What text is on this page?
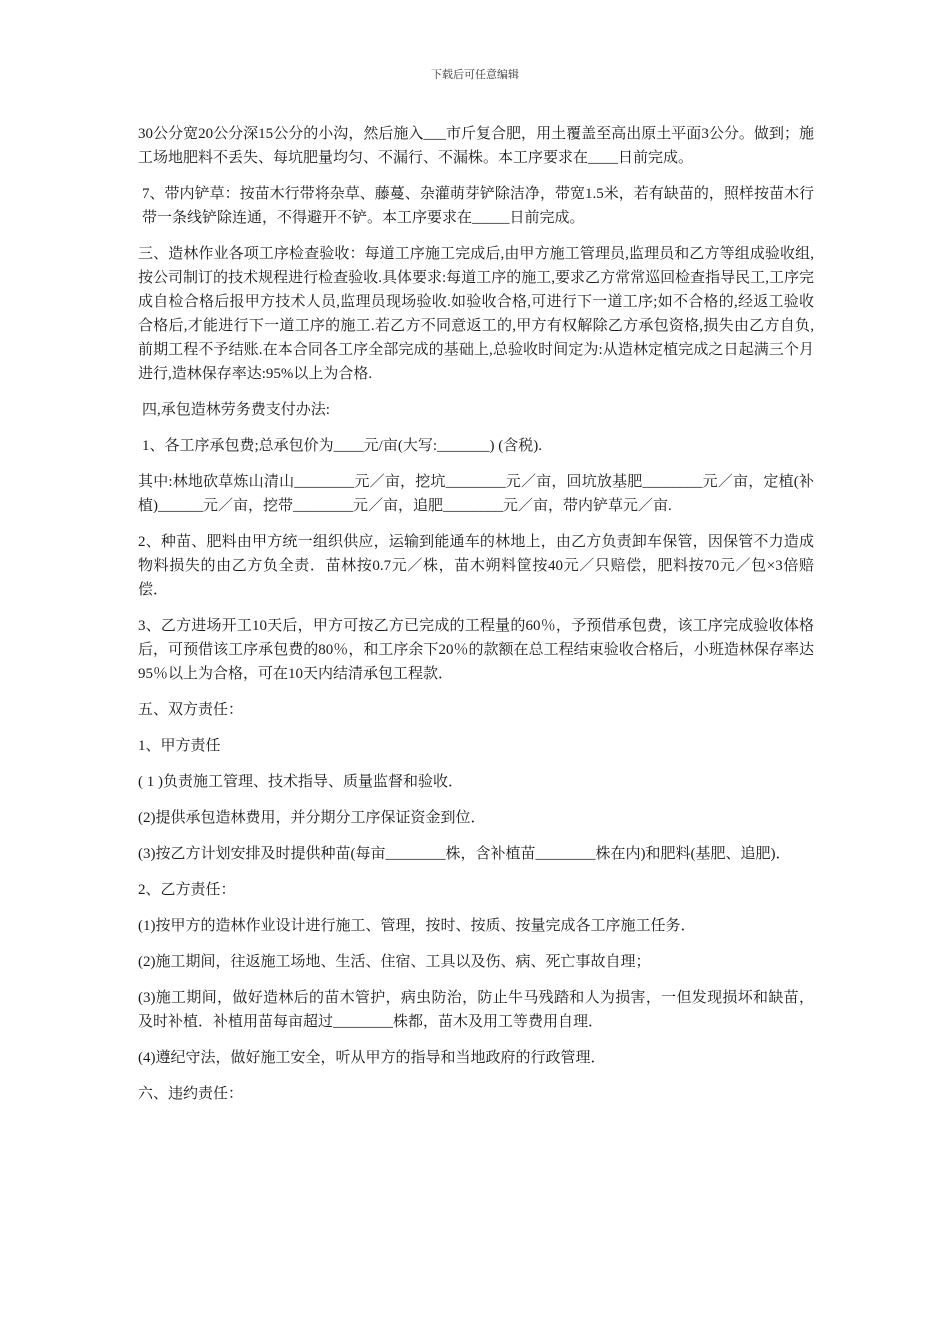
下载后可任意编辑

30公分宽20公分深15公分的小沟，然后施入___市斤复合肥，用土覆盖至高出原土平面3公分。做到；施工场地肥料不丢失、每坑肥量均匀、不漏行、不漏株。本工序要求在____日前完成。

7、带内铲草：按苗木行带将杂草、藤蔓、杂灌萌芽铲除洁净，带宽1.5米，若有缺苗的，照样按苗木行带一条线铲除连通，不得避开不铲。本工序要求在_____日前完成。

三、造林作业各项工序检查验收：每道工序施工完成后,由甲方施工管理员,监理员和乙方等组成验收组,按公司制订的技术规程进行检查验收.具体要求:每道工序的施工,要求乙方常常巡回检查指导民工,工序完成自检合格后报甲方技术人员,监理员现场验收.如验收合格,可进行下一道工序;如不合格的,经返工验收合格后,才能进行下一道工序的施工.若乙方不同意返工的,甲方有权解除乙方承包资格,损失由乙方自负,前期工程不予结账.在本合同各工序全部完成的基础上,总验收时间定为:从造林定植完成之日起满三个月进行,造林保存率达:95%以上为合格.

四,承包造林劳务费支付办法:

1、各工序承包费;总承包价为____元/亩(大写:_______) (含税).

其中:林地砍草炼山清山________元／亩，挖坑________元／亩，回坑放基肥________元／亩，定植(补植)______元／亩，挖带________元／亩，追肥________元／亩，带内铲草元／亩.

2、种苗、肥料由甲方统一组织供应，运输到能通车的林地上，由乙方负责卸车保管，因保管不力造成物料损失的由乙方负全责．苗林按0.7元／株，苗木朔料筐按40元／只赔偿，肥料按70元／包×3倍赔偿．

3、乙方进场开工10天后，甲方可按乙方已完成的工程量的60％，予预借承包费，该工序完成验收体格后，可预借该工序承包费的80％，和工序余下20％的款额在总工程结束验收合格后，小班造林保存率达95％以上为合格，可在10天内结清承包工程款．

五、双方责任：

1、甲方责任

( 1 )负责施工管理、技术指导、质量监督和验收．

(2)提供承包造林费用，并分期分工序保证资金到位．

(3)按乙方计划安排及时提供种苗(每亩________株，含补植苗________株在内)和肥料(基肥、追肥)．

2、乙方责任：

(1)按甲方的造林作业设计进行施工、管理，按时、按质、按量完成各工序施工任务．

(2)施工期间，往返施工场地、生活、住宿、工具以及伤、病、死亡事故自理；

(3)施工期间，做好造林后的苗木管护，病虫防治，防止牛马残踏和人为损害，一但发现损坏和缺苗，及时补植．补植用苗每亩超过________株都，苗木及用工等费用自理．

(4)遵纪守法，做好施工安全，听从甲方的指导和当地政府的行政管理．

六、违约责任：
